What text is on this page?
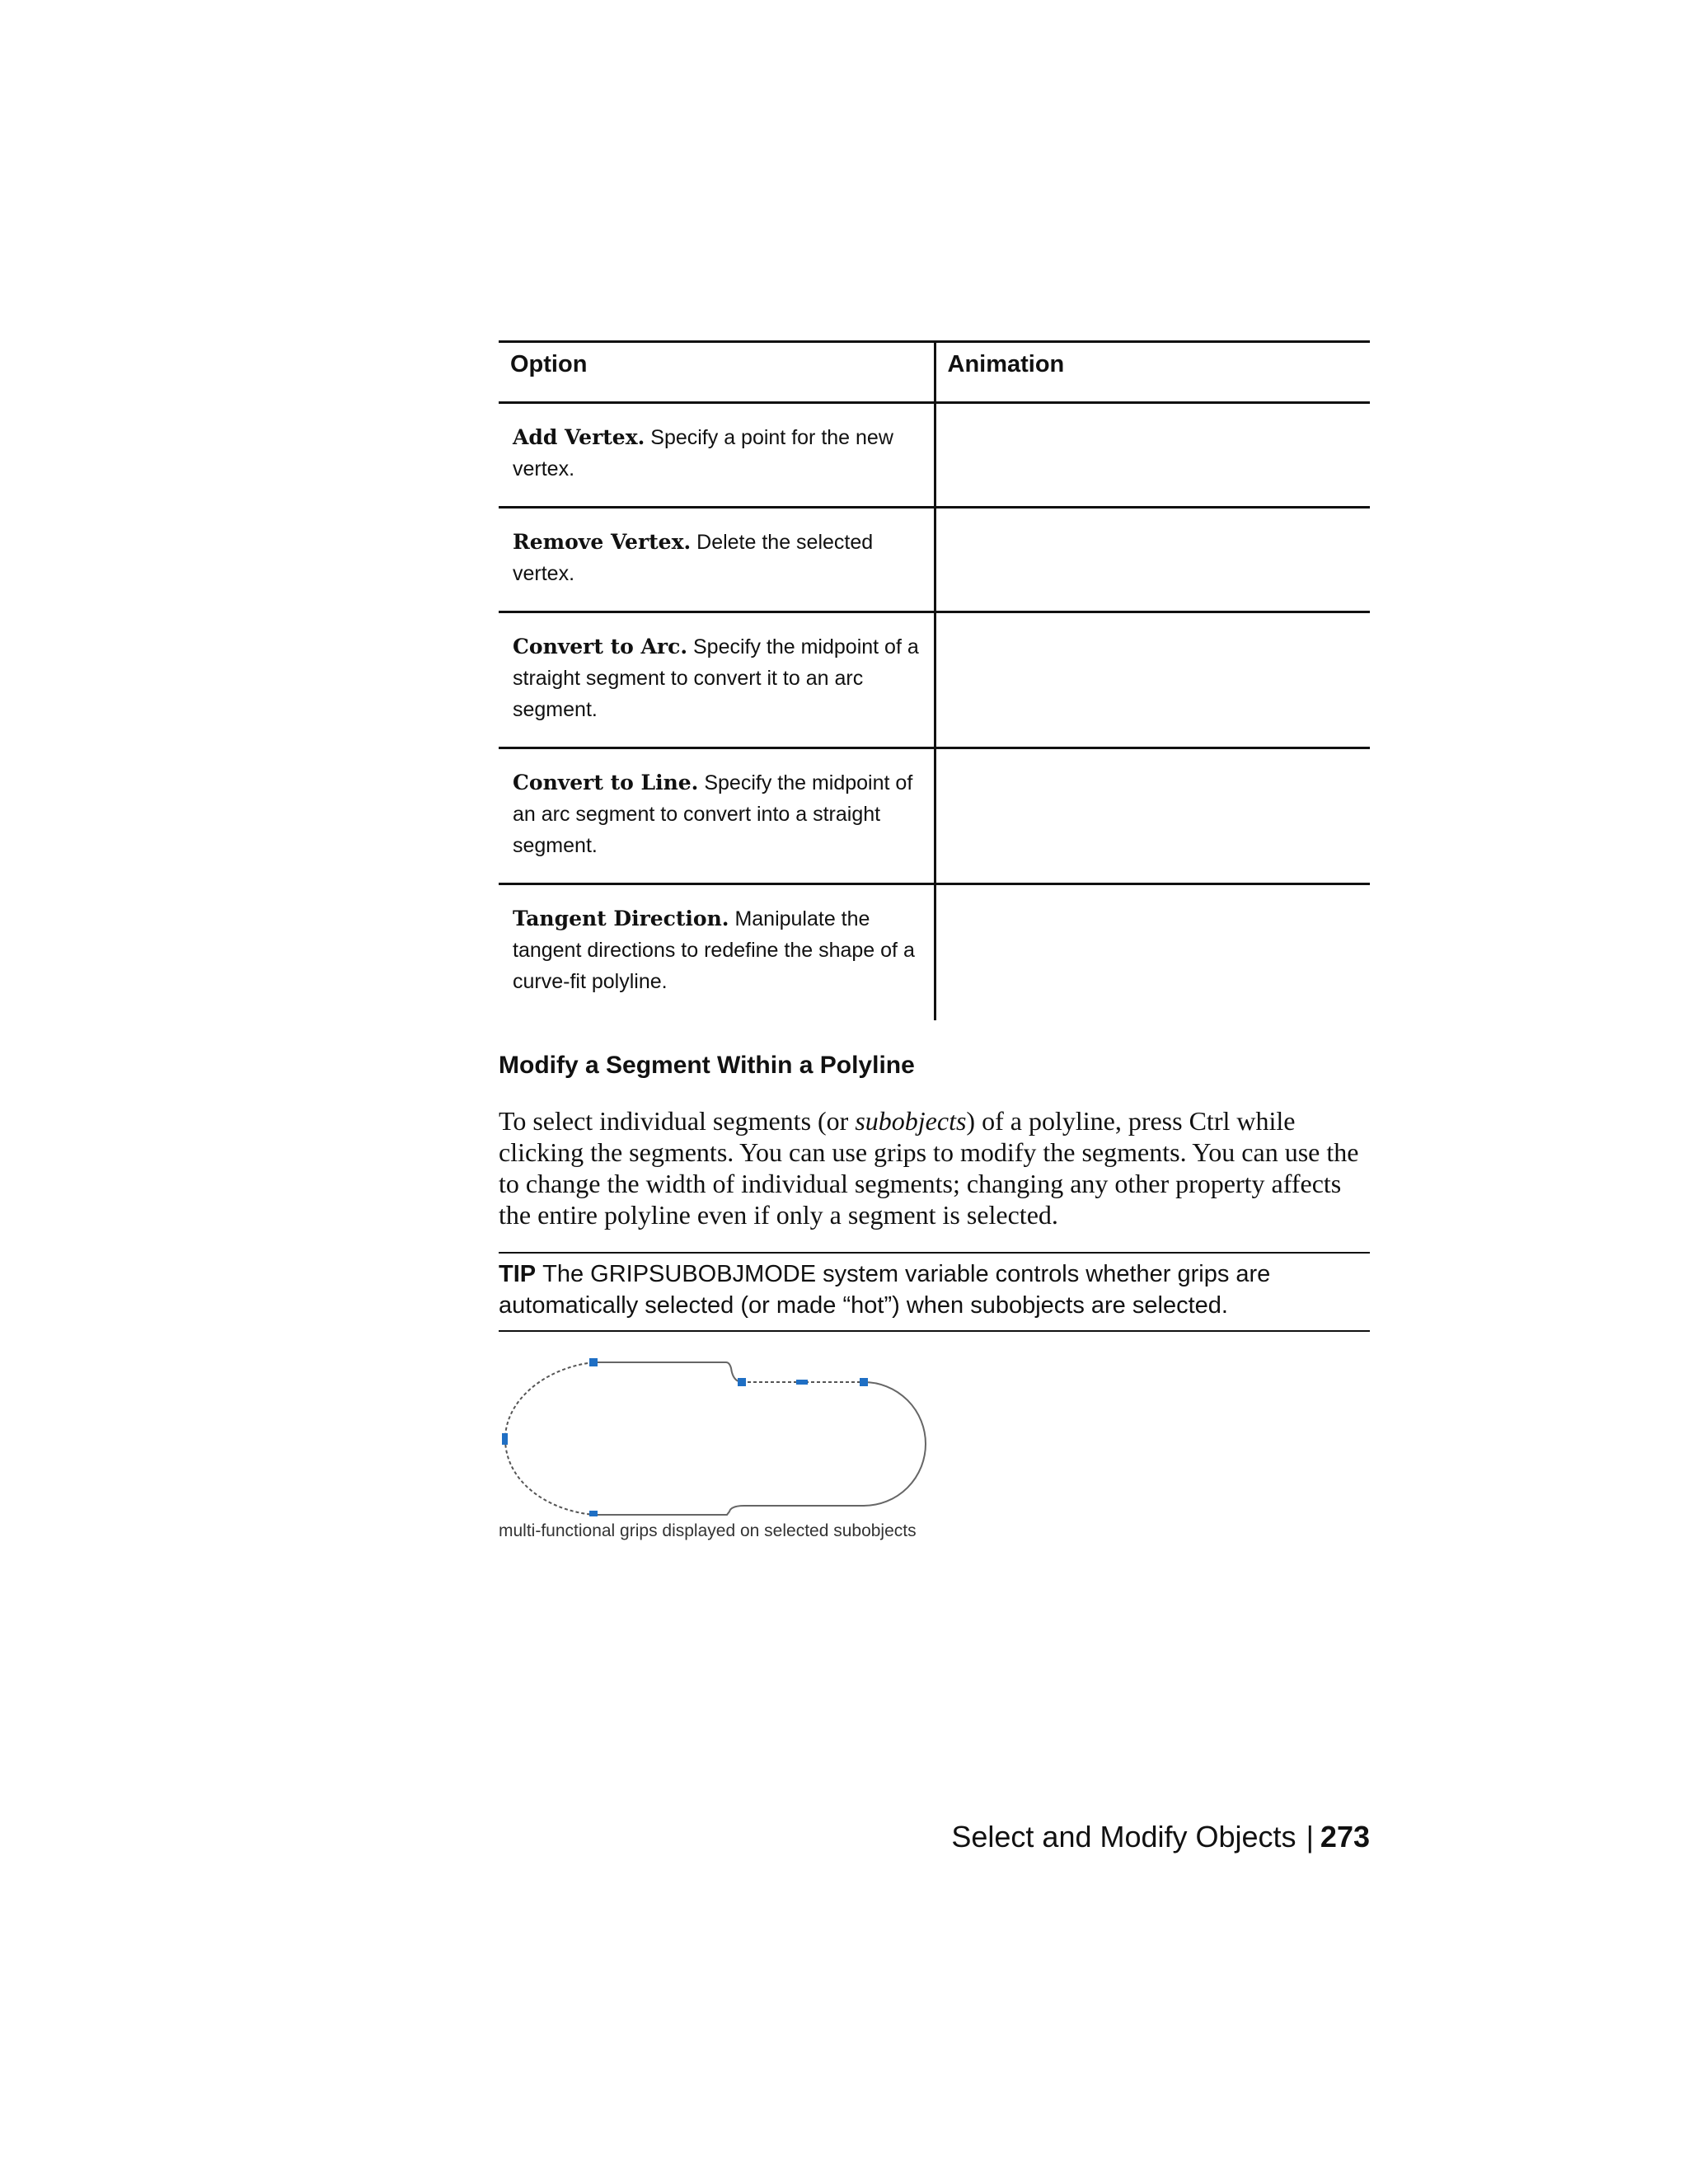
Option	Animation
Add Vertex. Specify a point for the new vertex.	
Remove Vertex. Delete the selected vertex.	
Convert to Arc. Specify the midpoint of a straight segment to convert it to an arc segment.	
Convert to Line. Specify the midpoint of an arc segment to convert into a straight segment.	
Tangent Direction. Manipulate the tangent directions to redefine the shape of a curve-fit polyline.	
Modify a Segment Within a Polyline

To select individual segments (or subobjects) of a polyline, press Ctrl while clicking the segments. You can use grips to modify the segments. You can use the to change the width of individual segments; changing any other property affects the entire polyline even if only a segment is selected.

TIP The GRIPSUBOBJMODE system variable controls whether grips are automatically selected (or made “hot”) when subobjects are selected.
multi-functional grips displayed on selected subobjects
Select and Modify Objects | 273
